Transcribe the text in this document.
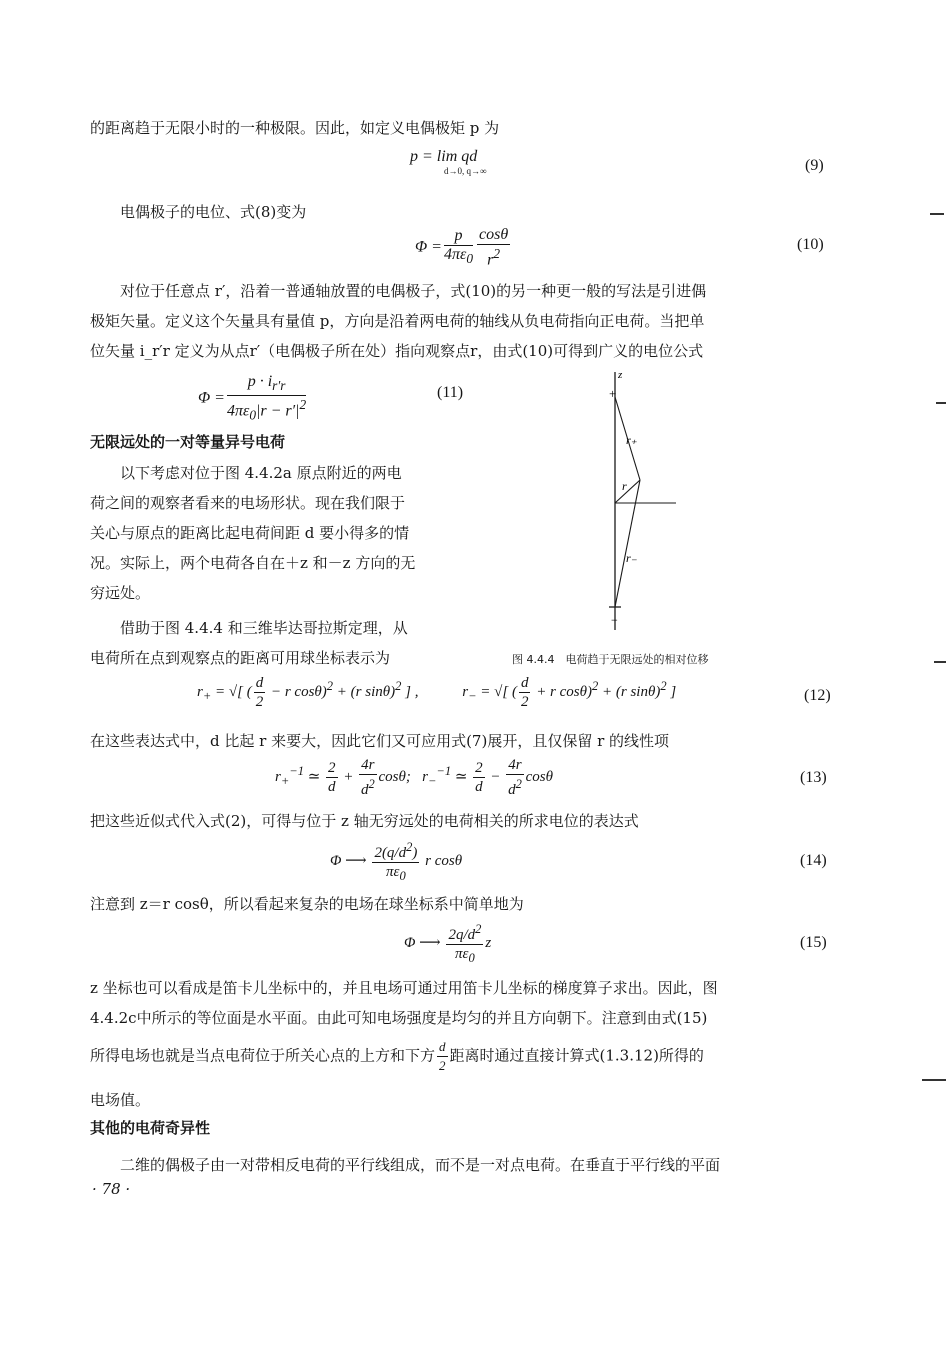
的距离趋于无限小时的一种极限。因此，如定义电偶极矩 p 为
p = lim qd
d→0, q→∞	(9)
电偶极子的电位、式(8)变为
$\Phi = \frac{p}{4\pi\varepsilon_0} \frac{\cos\theta}{r^2}$	(10)
对位于任意点 r′，沿着一普通轴放置的电偶极子，式(10)的另一种更一般的写法是引进偶
极矩矢量。定义这个矢量具有量值 p，方向是沿着两电荷的轴线从负电荷指向正电荷。当把单
位矢量 i_r′r 定义为从点r′（电偶极子所在处）指向观察点r，由式(10)可得到广义的电位公式
$\Phi = \frac{p \cdot i_{r'r}}{4\pi\varepsilon_0|r - r'|^2}$	(11)
无限远处的一对等量异号电荷
以下考虑对位于图 4.4.2a 原点附近的两电
荷之间的观察者看来的电场形状。现在我们限于
关心与原点的距离比起电荷间距 d 要小得多的情
况。实际上，两个电荷各自在＋z 和－z 方向的无
穷远处。
借助于图 4.4.4 和三维毕达哥拉斯定理，从
电荷所在点到观察点的距离可用球坐标表示为
z
+
r₊
r
r₋
−
图 4.4.4　电荷趋于无限远处的相对位移
$r_+$ = √[ ( $\frac{d}{2} - r$ cosθ)$^2$ + (r sinθ)$^2$ ] ,	$r_-$ = √[ ( $\frac{d}{2} + r$ cosθ)$^2$ + (r sinθ)$^2$ ]	(12)
在这些表达式中，d 比起 r 来要大，因此它们又可应用式(7)展开，且仅保留 r 的线性项
$r_+^{-1}$ ≃ $\frac{2}{d} + \frac{4r}{d^2} \cos\theta$;   $r_-^{-1}$ ≃ $\frac{2}{d} - \frac{4r}{d^2}$ cosθ	(13)
把这些近似式代入式(2)，可得与位于 z 轴无穷远处的电荷相关的所求电位的表达式
Φ ⟶ $\frac{2(q/d^2)}{\pi\varepsilon_0}$ r cosθ	(14)
注意到 z＝r cosθ，所以看起来复杂的电场在球坐标系中简单地为
Φ ⟶ $\frac{2q/d^2}{\pi\varepsilon_0}$ z	(15)
z 坐标也可以看成是笛卡儿坐标中的，并且电场可通过用笛卡儿坐标的梯度算子求出。因此，图
4.4.2c中所示的等位面是水平面。由此可知电场强度是均匀的并且方向朝下。注意到由式(15)
所得电场也就是当点电荷位于所关心点的上方和下方 $\frac{d}{2}$ 距离时通过直接计算式(1.3.12)所得的
电场值。
其他的电荷奇异性
二维的偶极子由一对带相反电荷的平行线组成，而不是一对点电荷。在垂直于平行线的平面
· 78 ·
